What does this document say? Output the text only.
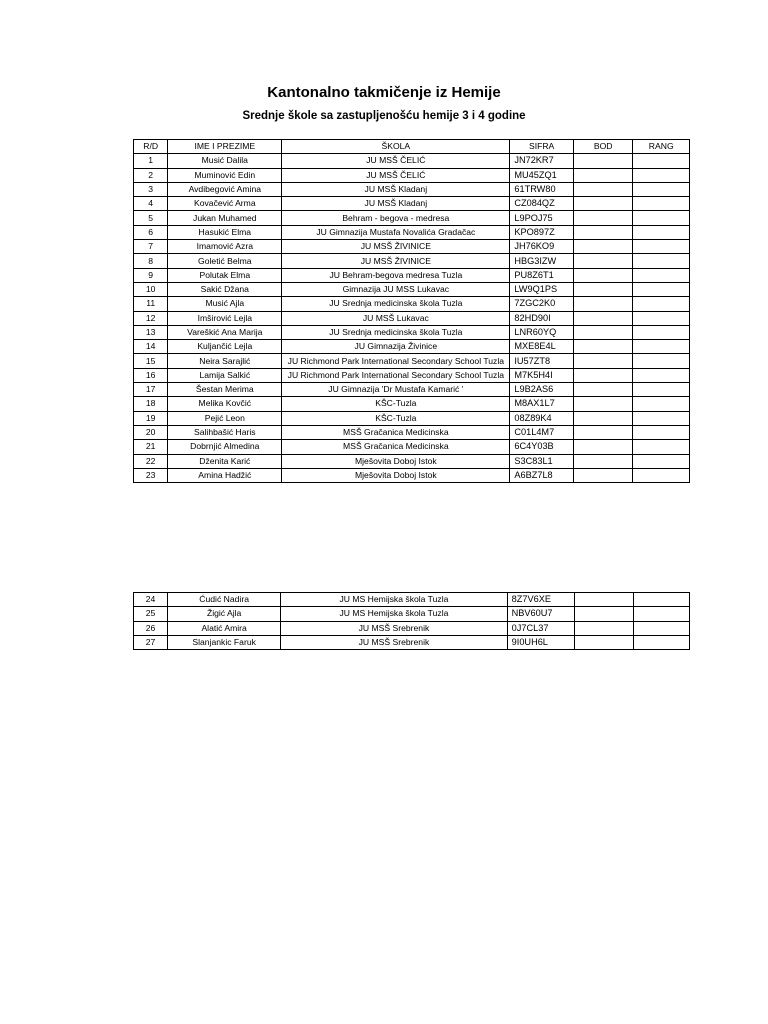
Kantonalno takmičenje iz Hemije
Srednje škole sa zastupljenošću hemije 3 i 4 godine
R/D	IME I PREZIME	ŠKOLA	SIFRA	BOD	RANG
1	Musić Dalila	JU MSŠ ČELIĆ	JN72KR7		
2	Muminović Edin	JU MSŠ ČELIĆ	MU45ZQ1		
3	Avdibegović Amina	JU MSŠ Kladanj	61TRW80		
4	Kovačević Arma	JU MSŠ Kladanj	CZ084QZ		
5	Jukan Muhamed	Behram - begova - medresa	L9POJ75		
6	Hasukić Elma	JU Gimnazija Mustafa Novalića Gradačac	KPO897Z		
7	Imamović Azra	JU MSŠ ŽIVINICE	JH76KO9		
8	Goletić Belma	JU MSŠ ŽIVINICE	HBG3IZW		
9	Polutak Elma	JU Behram-begova medresa Tuzla	PU8Z6T1		
10	Sakić Džana	Gimnazija JU MSS Lukavac	LW9Q1PS		
11	Musić Ajla	JU Srednja medicinska škola Tuzla	7ZGC2K0		
12	Imširović Lejla	JU MSŠ Lukavac	82HD90I		
13	Vareškić Ana Marija	JU Srednja medicinska škola Tuzla	LNR60YQ		
14	Kuljančić Lejla	JU Gimnazija Živinice	MXE8E4L		
15	Neira Sarajlić	JU Richmond Park International Secondary School Tuzla	IU57ZT8		
16	Lamija Salkić	JU Richmond Park International Secondary School Tuzla	M7K5H4I		
17	Šestan Merima	JU Gimnazija 'Dr Mustafa Kamarić '	L9B2AS6		
18	Melika Kovčić	KŠC-Tuzla	M8AX1L7		
19	Pejić Leon	KŠC-Tuzla	08Z89K4		
20	Salihbašić Haris	MSŠ Gračanica Medicinska	C01L4M7		
21	Dobrnjić Almedina	MSŠ Gračanica Medicinska	6C4Y03B		
22	Dženita Karić	Mješovita Doboj Istok	S3C83L1		
23	Amina Hadžić	Mješovita Doboj Istok	A6BZ7L8		
24	Ćudić Nadira	JU MS Hemijska škola Tuzla	8Z7V6XE		
25	Žigić Ajla	JU MS Hemijska škola Tuzla	NBV60U7		
26	Alatić Amira	JU MSŠ Srebrenik	0J7CL37		
27	Slanjankic Faruk	JU MSŠ Srebrenik	9I0UH6L		
